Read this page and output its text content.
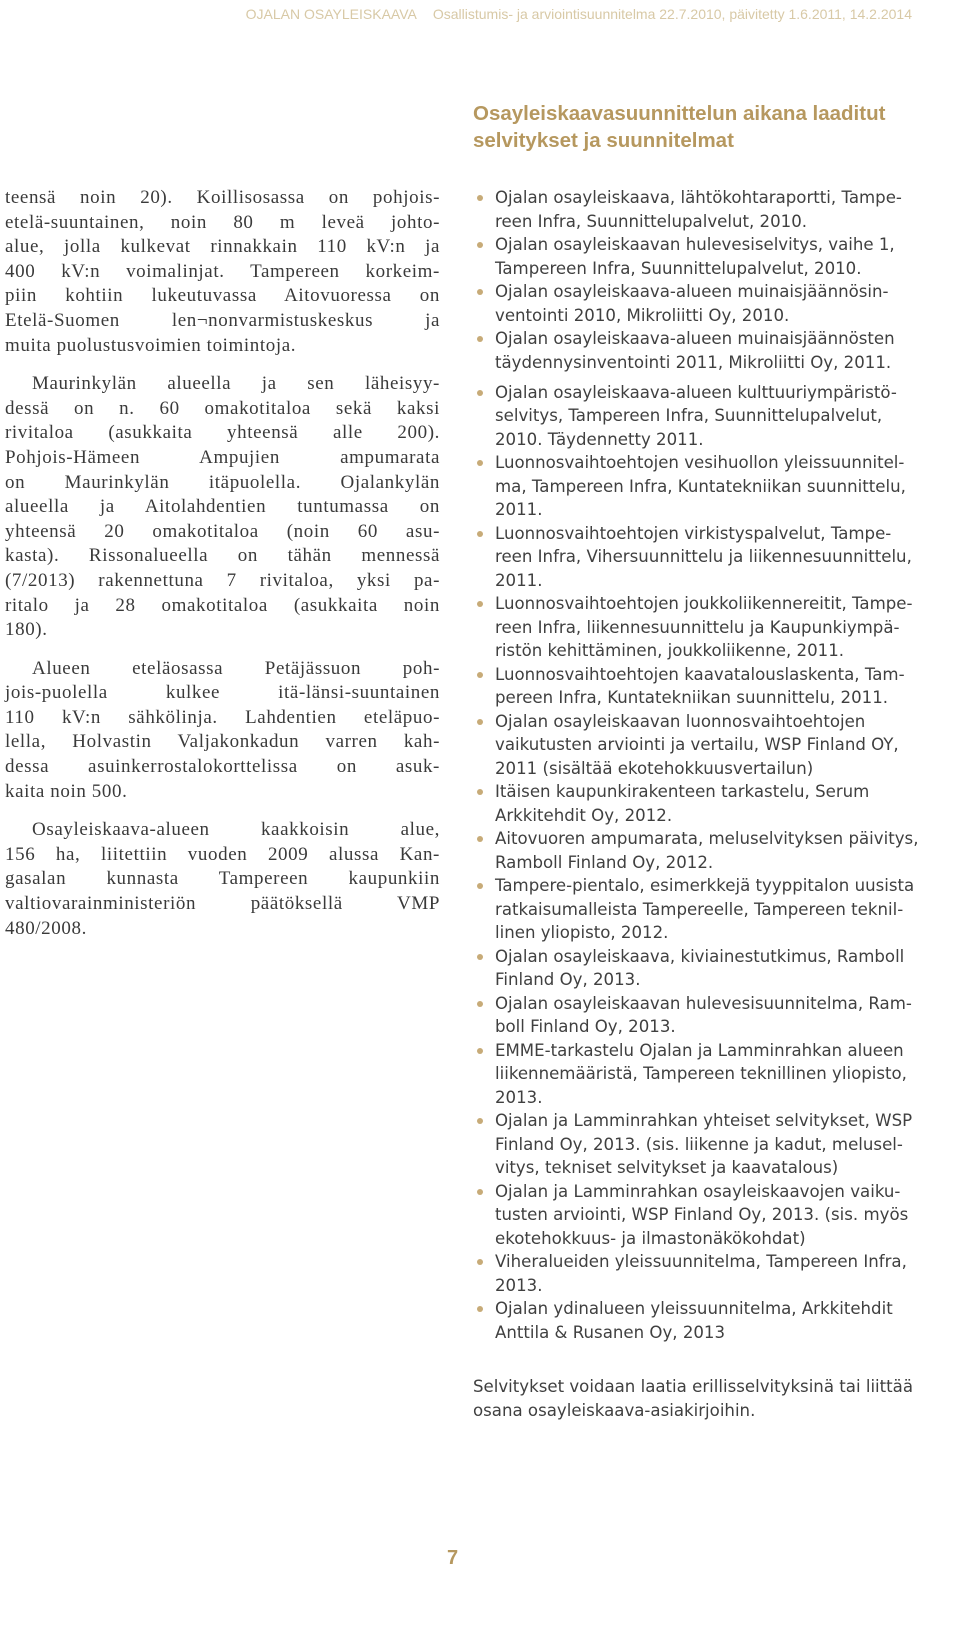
OJALAN OSAYLEISKAAVA Osallistumis- ja arviointisuunnitelma 22.7.2010, päivitetty 1.6.2011, 14.2.2014
teensä noin 20). Koillisosassa on pohjois-
etelä-suuntainen, noin 80 m leveä johto-
alue, jolla kulkevat rinnakkain 110 kV:n ja
400 kV:n voimalinjat. Tampereen korkeim-
piin kohtiin lukeutuvassa Aitovuoressa on
Etelä-Suomen len¬nonvarmistuskeskus ja
muita puolustusvoimien toimintoja.
Maurinkylän alueella ja sen läheisyy-
dessä on n. 60 omakotitaloa sekä kaksi
rivitaloa (asukkaita yhteensä alle 200).
Pohjois-Hämeen Ampujien ampumarata
on Maurinkylän itäpuolella. Ojalankylän
alueella ja Aitolahdentien tuntumassa on
yhteensä 20 omakotitaloa (noin 60 asu-
kasta). Rissonalueella on tähän mennessä
(7/2013) rakennettuna 7 rivitaloa, yksi pa-
ritalo ja 28 omakotitaloa (asukkaita noin
180).
Alueen eteläosassa Petäjässuon poh-
jois-puolella kulkee itä-länsi-suuntainen
110 kV:n sähkölinja. Lahdentien eteläpuo-
lella, Holvastin Valjakonkadun varren kah-
dessa asuinkerrostalokorttelissa on asuk-
kaita noin 500.
Osayleiskaava-alueen kaakkoisin alue,
156 ha, liitettiin vuoden 2009 alussa Kan-
gasalan kunnasta Tampereen kaupunkiin
valtiovarainministeriön päätöksellä VMP
480/2008.
Osayleiskaavasuunnittelun aikana laaditut
selvitykset ja suunnitelmat
Ojalan osayleiskaava, lähtökohtaraportti, Tampe-
reen Infra, Suunnittelupalvelut, 2010.
Ojalan osayleiskaavan hulevesiselvitys, vaihe 1,
Tampereen Infra, Suunnittelupalvelut, 2010.
Ojalan osayleiskaava-alueen muinaisjäännösin-
ventointi 2010, Mikroliitti Oy, 2010.
Ojalan osayleiskaava-alueen muinaisjäännösten
täydennysinventointi 2011, Mikroliitti Oy, 2011.
Ojalan osayleiskaava-alueen kulttuuriympäristö-
selvitys, Tampereen Infra, Suunnittelupalvelut,
2010. Täydennetty 2011.
Luonnosvaihtoehtojen vesihuollon yleissuunnitel-
ma, Tampereen Infra, Kuntatekniikan suunnittelu,
2011.
Luonnosvaihtoehtojen virkistyspalvelut, Tampe-
reen Infra, Vihersuunnittelu ja liikennesuunnittelu,
2011.
Luonnosvaihtoehtojen joukkoliikennereitit, Tampe-
reen Infra, liikennesuunnittelu ja Kaupunkiympä-
ristön kehittäminen, joukkoliikenne, 2011.
Luonnosvaihtoehtojen kaavatalouslaskenta, Tam-
pereen Infra, Kuntatekniikan suunnittelu, 2011.
Ojalan osayleiskaavan luonnosvaihtoehtojen
vaikutusten arviointi ja vertailu, WSP Finland OY,
2011 (sisältää ekotehokkuusvertailun)
Itäisen kaupunkirakenteen tarkastelu, Serum
Arkkitehdit Oy, 2012.
Aitovuoren ampumarata, meluselvityksen päivitys,
Ramboll Finland Oy, 2012.
Tampere-pientalo, esimerkkejä tyyppitalon uusista
ratkaisumalleista Tampereelle, Tampereen teknil-
linen yliopisto, 2012.
Ojalan osayleiskaava, kiviainestutkimus, Ramboll
Finland Oy, 2013.
Ojalan osayleiskaavan hulevesisuunnitelma, Ram-
boll Finland Oy, 2013.
EMME-tarkastelu Ojalan ja Lamminrahkan alueen
liikennemääristä, Tampereen teknillinen yliopisto,
2013.
Ojalan ja Lamminrahkan yhteiset selvitykset, WSP
Finland Oy, 2013. (sis. liikenne ja kadut, melusel-
vitys, tekniset selvitykset ja kaavatalous)
Ojalan ja Lamminrahkan osayleiskaavojen vaiku-
tusten arviointi, WSP Finland Oy, 2013. (sis. myös
ekotehokkuus- ja ilmastonäkökohdat)
Viheralueiden yleissuunnitelma, Tampereen Infra,
2013.
Ojalan ydinalueen yleissuunnitelma, Arkkitehdit
Anttila & Rusanen Oy, 2013
Selvitykset voidaan laatia erillisselvityksinä tai liittää
osana osayleiskaava-asiakirjoihin.
7
